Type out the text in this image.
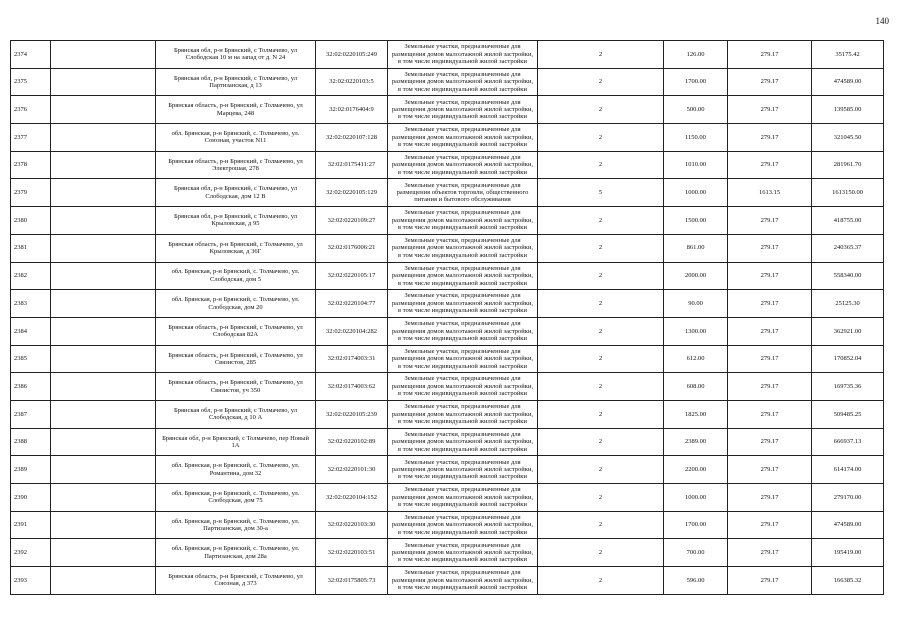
140
2374		Брянская обл, р-н Брянский, с Толмачево, ул Слободская 10 м на запад от д. N 24	32:02:0220105:249	Земельные участки, предназначенные для размещения домов малоэтажной жилой застройки, в том числе индивидуальной жилой застройки	2	126.00	279.17	35175.42
2375		Брянская обл, р-н Брянский, с Толмачево, ул Партизанская, д 13	32:02:0220103:5	Земельные участки, предназначенные для размещения домов малоэтажной жилой застройки, в том числе индивидуальной жилой застройки	2	1700.00	279.17	474589.00
2376		Брянская область, р-н Брянский, с Толмачево, ул Марцева, 248	32:02:0176404:9	Земельные участки, предназначенные для размещения домов малоэтажной жилой застройки, в том числе индивидуальной жилой застройки	2	500.00	279.17	139585.00
2377		обл. Брянская, р-н Брянский, с. Толмачево, ул. Союзная, участок N11	32:02:0220107:128	Земельные участки, предназначенные для размещения домов малоэтажной жилой застройки, в том числе индивидуальной жилой застройки	2	1150.00	279.17	321045.50
2378		Брянская область, р-н Брянский, с Толмачево, ул Электрошая, 278	32:02:0175411:27	Земельные участки, предназначенные для размещения домов малоэтажной жилой застройки, в том числе индивидуальной жилой застройки	2	1010.00	279.17	281961.70
2379		Брянская обл, р-н Брянский, с Толмачево, ул Слободская, дом 12 В	32:02:0220105:129	Земельные участки, предназначенные для размещения объектов торговли, общественного питания и бытового обслуживания	5	1000.00	1613.15	1613150.00
2380		Брянская обл, р-н Брянский, с Толмачево, ул Крыловская, д 95	32:02:0220109:27	Земельные участки, предназначенные для размещения домов малоэтажной жилой застройки, в том числе индивидуальной жилой застройки	2	1500.00	279.17	418755.00
2381		Брянская область, р-н Брянский, с Толмачево, ул Крыловская, д 36Г	32:02:0176006:21	Земельные участки, предназначенные для размещения домов малоэтажной жилой застройки, в том числе индивидуальной жилой застройки	2	861.00	279.17	240365.37
2382		обл. Брянская, р-н Брянский, с. Толмачево, ул. Слободская, дом 5	32:02:0220105:17	Земельные участки, предназначенные для размещения домов малоэтажной жилой застройки, в том числе индивидуальной жилой застройки	2	2000.00	279.17	558340.00
2383		обл. Брянская, р-н Брянский, с. Толмачево, ул. Слободская, дом 20	32:02:0220104:77	Земельные участки, предназначенные для размещения домов малоэтажной жилой застройки, в том числе индивидуальной жилой застройки	2	90.00	279.17	25125.30
2384		Брянская область, р-н Брянский, с Толмачево, ул Слободская 82А	32:02:0220104:282	Земельные участки, предназначенные для размещения домов малоэтажной жилой застройки, в том числе индивидуальной жилой застройки	2	1300.00	279.17	362921.00
2385		Брянская область, р-н Брянский, с Толмачево, ул Связистов, 285	32:02:0174003:31	Земельные участки, предназначенные для размещения домов малоэтажной жилой застройки, в том числе индивидуальной жилой застройки	2	612.00	279.17	170852.04
2386		Брянская область, р-н Брянский, с Толмачево, ул Связистов, уч 350	32:02:0174003:62	Земельные участки, предназначенные для размещения домов малоэтажной жилой застройки, в том числе индивидуальной жилой застройки	2	608.00	279.17	169735.36
2387		Брянская обл, р-н Брянский, с Толмачево, ул Слободская, д 10 А	32:02:0220105:239	Земельные участки, предназначенные для размещения домов малоэтажной жилой застройки, в том числе индивидуальной жилой застройки	2	1825.00	279.17	509485.25
2388		Брянская обл, р-н Брянский, с Толмачево, пер Новый 1А	32:02:0220102:89	Земельные участки, предназначенные для размещения домов малоэтажной жилой застройки, в том числе индивидуальной жилой застройки	2	2389.00	279.17	666937.13
2389		обл. Брянская, р-н Брянский, с. Толмачево, ул. Романтина, дом 32	32:02:0220101:30	Земельные участки, предназначенные для размещения домов малоэтажной жилой застройки, в том числе индивидуальной жилой застройки	2	2200.00	279.17	614174.00
2390		обл. Брянская, р-н Брянский, с. Толмачево, ул. Слободская, дом 75	32:02:0220104:152	Земельные участки, предназначенные для размещения домов малоэтажной жилой застройки, в том числе индивидуальной жилой застройки	2	1000.00	279.17	279170.00
2391		обл. Брянская, р-н Брянский, с. Толмачево, ул. Партизанская, дом 30-а	32:02:0220103:30	Земельные участки, предназначенные для размещения домов малоэтажной жилой застройки, в том числе индивидуальной жилой застройки	2	1700.00	279.17	474589.00
2392		обл. Брянская, р-н Брянский, с. Толмачево, ул. Партизанская, дом 28а	32:02:0220103:51	Земельные участки, предназначенные для размещения домов малоэтажной жилой застройки, в том числе индивидуальной жилой застройки	2	700.00	279.17	195419.00
2393		Брянская область, р-н Брянский, с Толмачево, ул Союзная, д 373	32:02:0175805:73	Земельные участки, предназначенные для размещения домов малоэтажной жилой застройки, в том числе индивидуальной жилой застройки	2	596.00	279.17	166385.32
